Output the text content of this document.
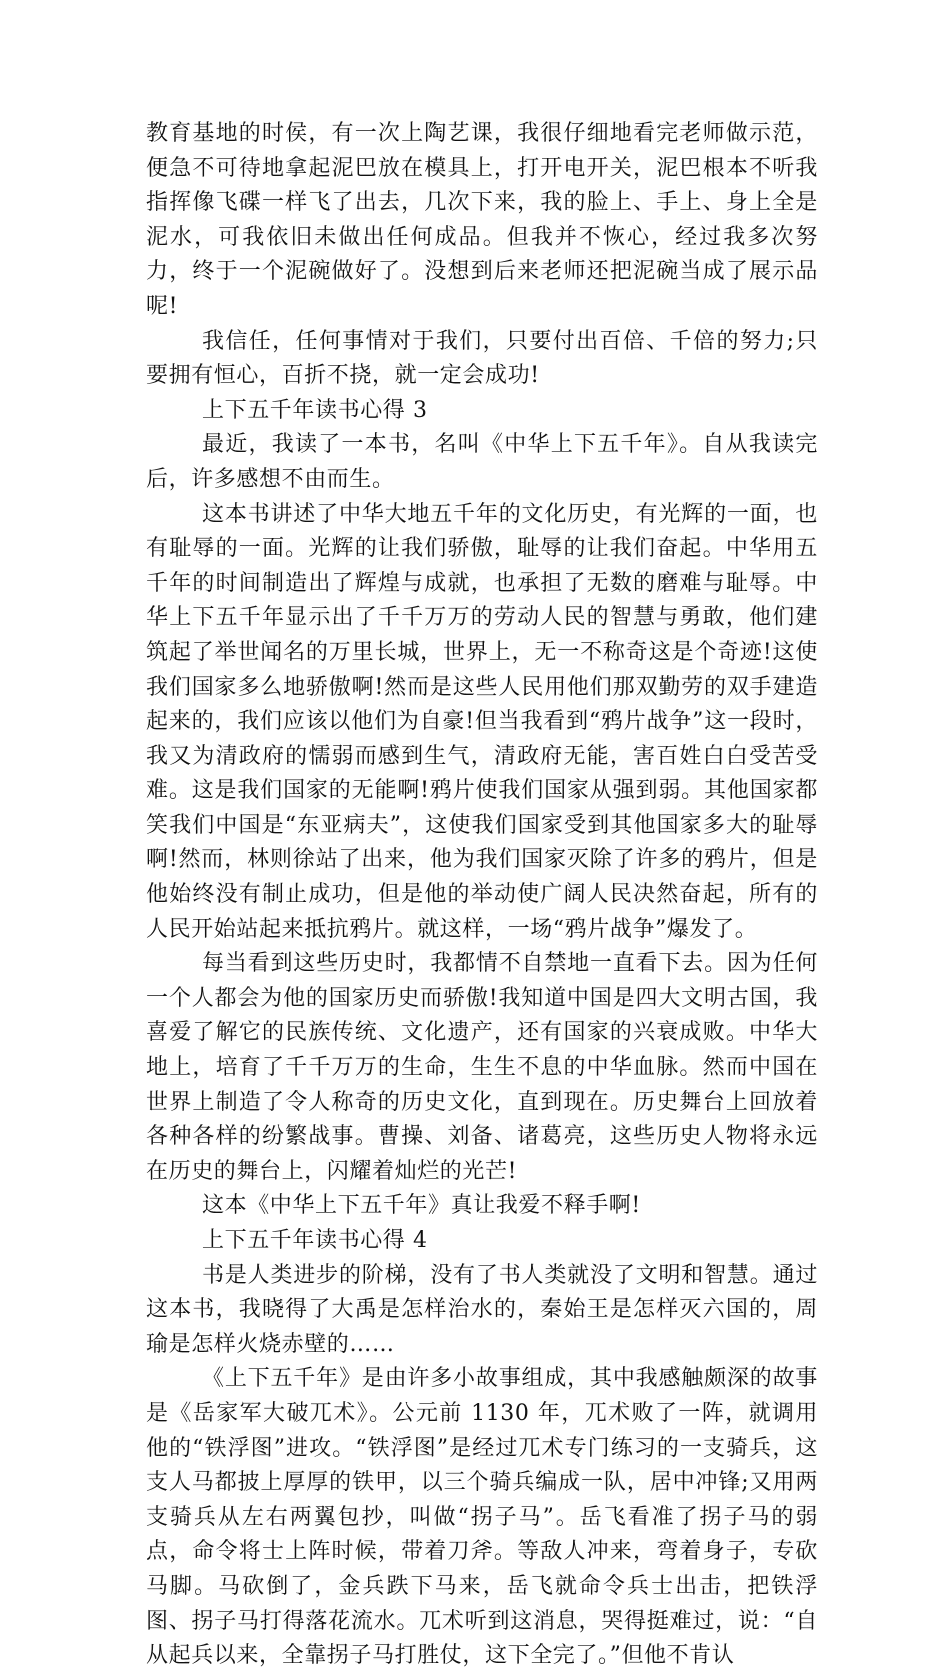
教育基地的时侯，有一次上陶艺课，我很仔细地看完老师做示范，便急不可待地拿起泥巴放在模具上，打开电开关，泥巴根本不听我指挥像飞碟一样飞了出去，几次下来，我的脸上、手上、身上全是泥水，可我依旧未做出任何成品。但我并不恢心，经过我多次努力，终于一个泥碗做好了。没想到后来老师还把泥碗当成了展示品呢!

我信任，任何事情对于我们，只要付出百倍、千倍的努力;只要拥有恒心，百折不挠，就一定会成功!

上下五千年读书心得 3

最近，我读了一本书，名叫《中华上下五千年》。自从我读完后，许多感想不由而生。

这本书讲述了中华大地五千年的文化历史，有光辉的一面，也有耻辱的一面。光辉的让我们骄傲，耻辱的让我们奋起。中华用五千年的时间制造出了辉煌与成就，也承担了无数的磨难与耻辱。中华上下五千年显示出了千千万万的劳动人民的智慧与勇敢，他们建筑起了举世闻名的万里长城，世界上，无一不称奇这是个奇迹!这使我们国家多么地骄傲啊!然而是这些人民用他们那双勤劳的双手建造起来的，我们应该以他们为自豪!但当我看到“鸦片战争”这一段时，我又为清政府的懦弱而感到生气，清政府无能，害百姓白白受苦受难。这是我们国家的无能啊!鸦片使我们国家从强到弱。其他国家都笑我们中国是“东亚病夫”，这使我们国家受到其他国家多大的耻辱啊!然而，林则徐站了出来，他为我们国家灭除了许多的鸦片，但是他始终没有制止成功，但是他的举动使广阔人民决然奋起，所有的人民开始站起来抵抗鸦片。就这样，一场“鸦片战争”爆发了。

每当看到这些历史时，我都情不自禁地一直看下去。因为任何一个人都会为他的国家历史而骄傲!我知道中国是四大文明古国，我喜爱了解它的民族传统、文化遗产，还有国家的兴衰成败。中华大地上，培育了千千万万的生命，生生不息的中华血脉。然而中国在世界上制造了令人称奇的历史文化，直到现在。历史舞台上回放着各种各样的纷繁战事。曹操、刘备、诸葛亮，这些历史人物将永远在历史的舞台上，闪耀着灿烂的光芒!

这本《中华上下五千年》真让我爱不释手啊!

上下五千年读书心得 4

书是人类进步的阶梯，没有了书人类就没了文明和智慧。通过这本书，我晓得了大禹是怎样治水的，秦始王是怎样灭六国的，周瑜是怎样火烧赤壁的……

《上下五千年》是由许多小故事组成，其中我感触颇深的故事是《岳家军大破兀术》。公元前 1130 年，兀术败了一阵，就调用他的“铁浮图”进攻。“铁浮图”是经过兀术专门练习的一支骑兵，这支人马都披上厚厚的铁甲，以三个骑兵编成一队，居中冲锋;又用两支骑兵从左右两翼包抄，叫做“拐子马”。岳飞看准了拐子马的弱点，命令将士上阵时候，带着刀斧。等敌人冲来，弯着身子，专砍马脚。马砍倒了，金兵跌下马来，岳飞就命令兵士出击，把铁浮图、拐子马打得落花流水。兀术听到这消息，哭得挺难过，说：“自从起兵以来，全靠拐子马打胜仗，这下全完了。”但他不肯认
